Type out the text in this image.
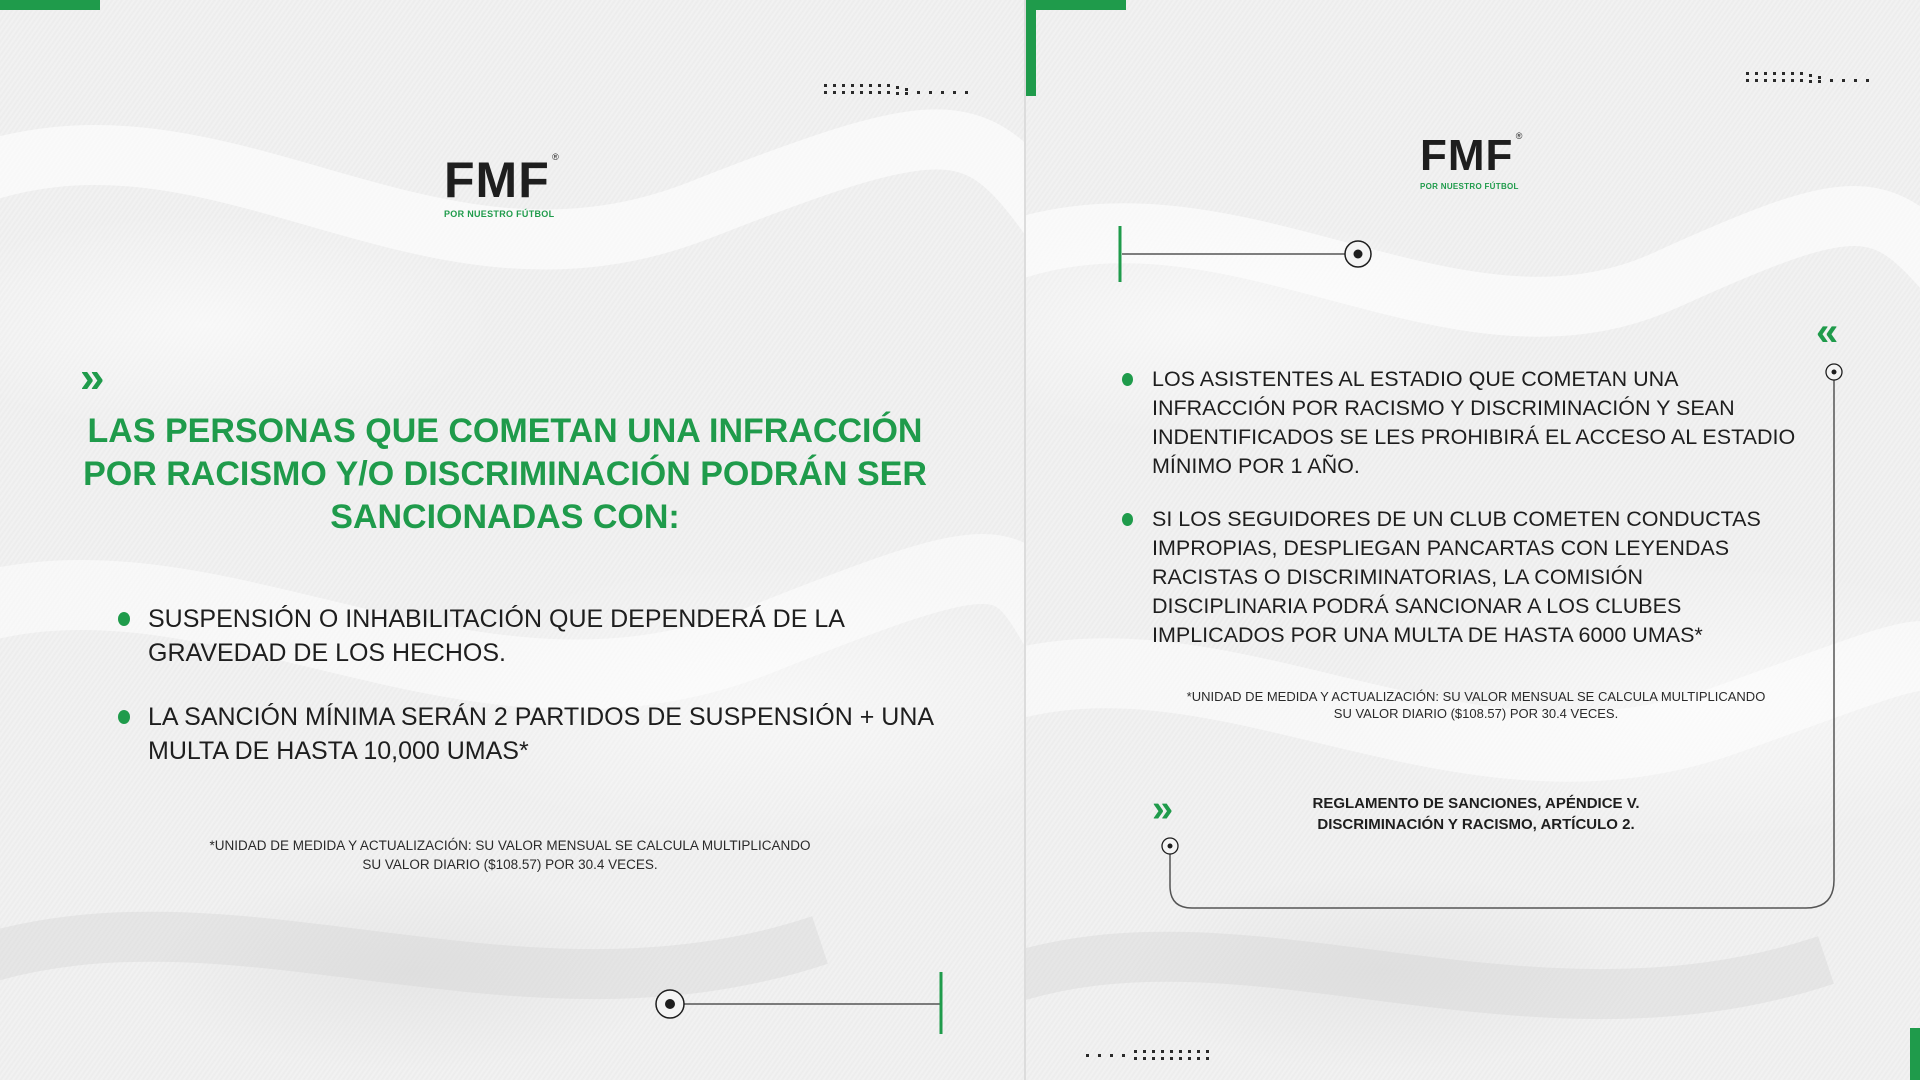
FMF ®
POR NUESTRO FÚTBOL
»
LAS PERSONAS QUE COMETAN UNA INFRACCIÓN POR RACISMO Y/O DISCRIMINACIÓN PODRÁN SER SANCIONADAS CON:
SUSPENSIÓN O INHABILITACIÓN QUE DEPENDERÁ DE LA GRAVEDAD DE LOS HECHOS.
LA SANCIÓN MÍNIMA SERÁN 2 PARTIDOS DE SUSPENSIÓN + UNA MULTA DE HASTA 10,000 UMAS*
*UNIDAD DE MEDIDA Y ACTUALIZACIÓN: SU VALOR MENSUAL SE CALCULA MULTIPLICANDO
SU VALOR DIARIO ($108.57) POR 30.4 VECES.
FMF ®
POR NUESTRO FÚTBOL
«
LOS ASISTENTES AL ESTADIO QUE COMETAN UNA INFRACCIÓN POR RACISMO Y DISCRIMINACIÓN Y SEAN INDENTIFICADOS SE LES PROHIBIRÁ EL ACCESO AL ESTADIO MÍNIMO POR 1 AÑO.
SI LOS SEGUIDORES DE UN CLUB COMETEN CONDUCTAS IMPROPIAS, DESPLIEGAN PANCARTAS CON LEYENDAS RACISTAS O DISCRIMINATORIAS, LA COMISIÓN DISCIPLINARIA PODRÁ SANCIONAR A LOS CLUBES IMPLICADOS POR UNA MULTA DE HASTA 6000 UMAS*
*UNIDAD DE MEDIDA Y ACTUALIZACIÓN: SU VALOR MENSUAL SE CALCULA MULTIPLICANDO
SU VALOR DIARIO ($108.57) POR 30.4 VECES.
»	REGLAMENTO DE SANCIONES, APÉNDICE V.
DISCRIMINACIÓN Y RACISMO, ARTÍCULO 2.
